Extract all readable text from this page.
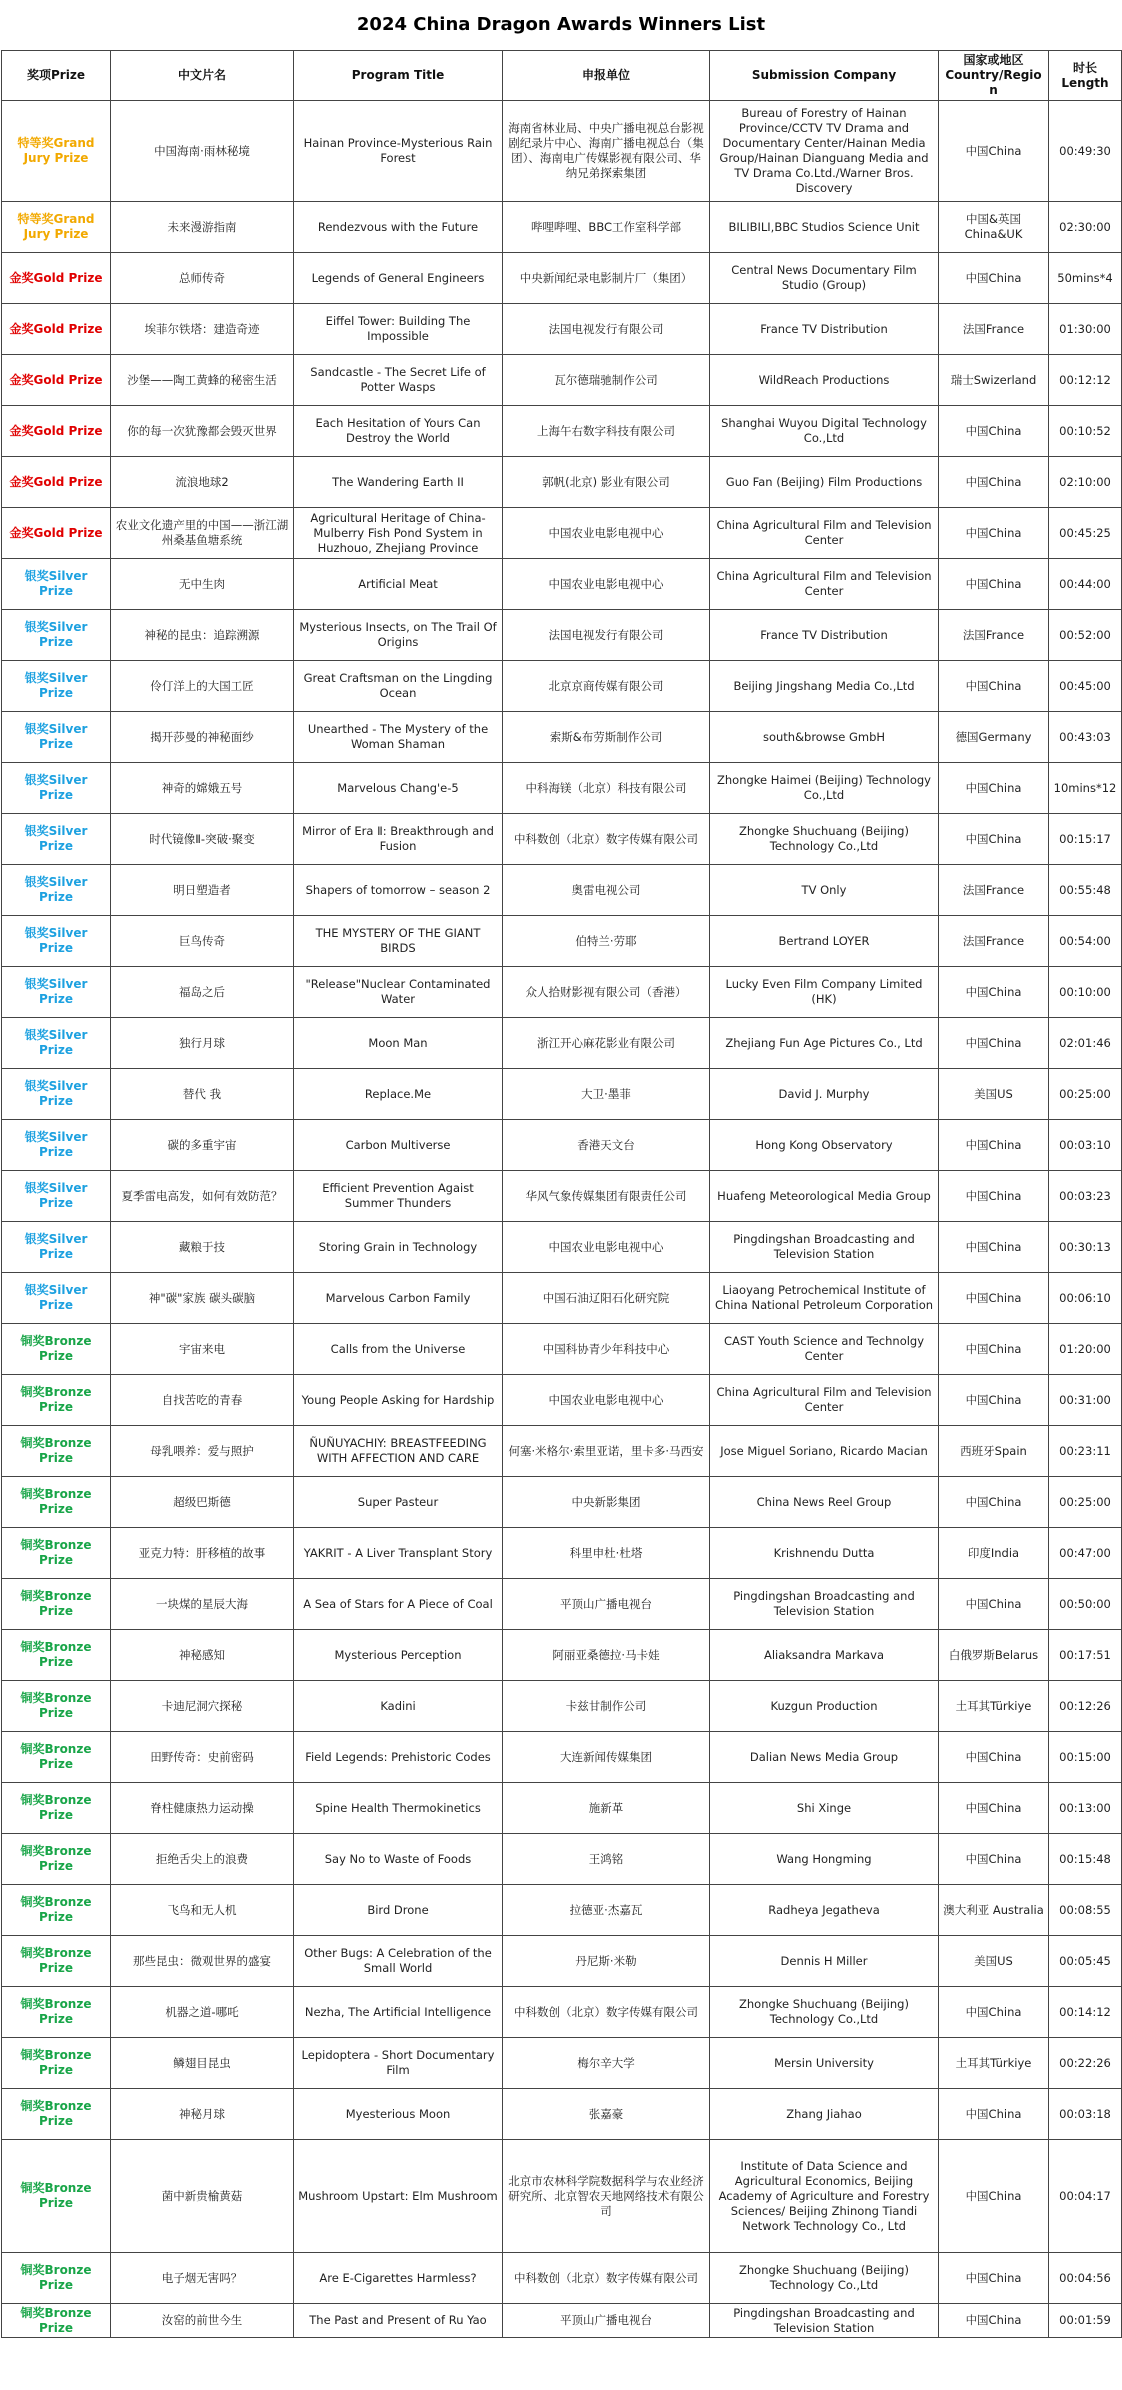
2024 China Dragon Awards Winners List
奖项Prize	中文片名	Program Title	申报单位	Submission Company	国家或地区 Country/Region	时长 Length
特等奖Grand Jury Prize	中国海南·雨林秘境	Hainan Province-Mysterious Rain Forest	海南省林业局、中央广播电视总台影视剧纪录片中心、海南广播电视总台（集团）、海南电广传媒影视有限公司、华纳兄弟探索集团	Bureau of Forestry of Hainan Province/CCTV TV Drama and Documentary Center/Hainan Media Group/Hainan Dianguang Media and TV Drama Co.Ltd./Warner Bros. Discovery	中国China	00:49:30
特等奖Grand Jury Prize	未来漫游指南	Rendezvous with the Future	哔哩哔哩、BBC工作室科学部	BILIBILI,BBC Studios Science Unit	中国&英国 China&UK	02:30:00
金奖Gold Prize	总师传奇	Legends of General Engineers	中央新闻纪录电影制片厂（集团）	Central News Documentary Film Studio (Group)	中国China	50mins*4
金奖Gold Prize	埃菲尔铁塔：建造奇迹	Eiffel Tower: Building The Impossible	法国电视发行有限公司	France TV Distribution	法国France	01:30:00
金奖Gold Prize	沙堡——陶工黄蜂的秘密生活	Sandcastle - The Secret Life of Potter Wasps	瓦尔德瑞驰制作公司	WildReach Productions	瑞士Swizerland	00:12:12
金奖Gold Prize	你的每一次犹豫都会毁灭世界	Each Hesitation of Yours Can Destroy the World	上海午右数字科技有限公司	Shanghai Wuyou Digital Technology Co.,Ltd	中国China	00:10:52
金奖Gold Prize	流浪地球2	The Wandering Earth II	郭帆(北京) 影业有限公司	Guo Fan (Beijing) Film Productions	中国China	02:10:00
金奖Gold Prize	农业文化遗产里的中国——浙江湖州桑基鱼塘系统	Agricultural Heritage of China-Mulberry Fish Pond System in Huzhouo, Zhejiang Province	中国农业电影电视中心	China Agricultural Film and Television Center	中国China	00:45:25
银奖Silver Prize	无中生肉	Artificial Meat	中国农业电影电视中心	China Agricultural Film and Television Center	中国China	00:44:00
银奖Silver Prize	神秘的昆虫：追踪溯源	Mysterious Insects, on The Trail Of Origins	法国电视发行有限公司	France TV Distribution	法国France	00:52:00
银奖Silver Prize	伶仃洋上的大国工匠	Great Craftsman on the Lingding Ocean	北京京商传媒有限公司	Beijing Jingshang Media Co.,Ltd	中国China	00:45:00
银奖Silver Prize	揭开莎曼的神秘面纱	Unearthed - The Mystery of the Woman Shaman	索斯&布劳斯制作公司	south&browse GmbH	德国Germany	00:43:03
银奖Silver Prize	神奇的嫦娥五号	Marvelous Chang'e-5	中科海镁（北京）科技有限公司	Zhongke Haimei (Beijing) Technology Co.,Ltd	中国China	10mins*12
银奖Silver Prize	时代镜像Ⅱ-突破·聚变	Mirror of Era Ⅱ: Breakthrough and Fusion	中科数创（北京）数字传媒有限公司	Zhongke Shuchuang (Beijing) Technology Co.,Ltd	中国China	00:15:17
银奖Silver Prize	明日塑造者	Shapers of tomorrow – season 2	奥雷电视公司	TV Only	法国France	00:55:48
银奖Silver Prize	巨鸟传奇	THE MYSTERY OF THE GIANT BIRDS	伯特兰·劳耶	Bertrand LOYER	法国France	00:54:00
银奖Silver Prize	福岛之后	"Release"Nuclear Contaminated Water	众人拾财影视有限公司（香港）	Lucky Even Film Company Limited (HK)	中国China	00:10:00
银奖Silver Prize	独行月球	Moon Man	浙江开心麻花影业有限公司	Zhejiang Fun Age Pictures Co., Ltd	中国China	02:01:46
银奖Silver Prize	替代 我	Replace.Me	大卫·墨菲	David J. Murphy	美国US	00:25:00
银奖Silver Prize	碳的多重宇宙	Carbon Multiverse	香港天文台	Hong Kong Observatory	中国China	00:03:10
银奖Silver Prize	夏季雷电高发，如何有效防范？	Efficient Prevention Agaist Summer Thunders	华风气象传媒集团有限责任公司	Huafeng Meteorological Media Group	中国China	00:03:23
银奖Silver Prize	藏粮于技	Storing Grain in Technology	中国农业电影电视中心	Pingdingshan Broadcasting and Television Station	中国China	00:30:13
银奖Silver Prize	神"碳"家族 碳头碳脑	Marvelous Carbon Family	中国石油辽阳石化研究院	Liaoyang Petrochemical Institute of China National Petroleum Corporation	中国China	00:06:10
铜奖Bronze Prize	宇宙来电	Calls from the Universe	中国科协青少年科技中心	CAST Youth Science and Technolgy Center	中国China	01:20:00
铜奖Bronze Prize	自找苦吃的青春	Young People Asking for Hardship	中国农业电影电视中心	China Agricultural Film and Television Center	中国China	00:31:00
铜奖Bronze Prize	母乳喂养：爱与照护	ÑUÑUYACHIY: BREASTFEEDING WITH AFFECTION AND CARE	何塞·米格尔·索里亚诺，里卡多·马西安	Jose Miguel Soriano, Ricardo Macian	西班牙Spain	00:23:11
铜奖Bronze Prize	超级巴斯德	Super Pasteur	中央新影集团	China News Reel Group	中国China	00:25:00
铜奖Bronze Prize	亚克力特：肝移植的故事	YAKRIT - A Liver Transplant Story	科里申杜·杜塔	Krishnendu Dutta	印度India	00:47:00
铜奖Bronze Prize	一块煤的星辰大海	A Sea of Stars for A Piece of Coal	平顶山广播电视台	Pingdingshan Broadcasting and Television Station	中国China	00:50:00
铜奖Bronze Prize	神秘感知	Mysterious Perception	阿丽亚桑德拉·马卡娃	Aliaksandra Markava	白俄罗斯Belarus	00:17:51
铜奖Bronze Prize	卡迪尼洞穴探秘	Kadini	卡兹甘制作公司	Kuzgun Production	土耳其Türkiye	00:12:26
铜奖Bronze Prize	田野传奇：史前密码	Field Legends: Prehistoric Codes	大连新闻传媒集团	Dalian News Media Group	中国China	00:15:00
铜奖Bronze Prize	脊柱健康热力运动操	Spine Health Thermokinetics	施新革	Shi Xinge	中国China	00:13:00
铜奖Bronze Prize	拒绝舌尖上的浪费	Say No to Waste of Foods	王鸿铭	Wang Hongming	中国China	00:15:48
铜奖Bronze Prize	飞鸟和无人机	Bird Drone	拉德亚·杰嘉瓦	Radheya Jegatheva	澳大利亚 Australia	00:08:55
铜奖Bronze Prize	那些昆虫：微观世界的盛宴	Other Bugs: A Celebration of the Small World	丹尼斯·米勒	Dennis H Miller	美国US	00:05:45
铜奖Bronze Prize	机器之道-哪吒	Nezha, The Artificial Intelligence	中科数创（北京）数字传媒有限公司	Zhongke Shuchuang (Beijing) Technology Co.,Ltd	中国China	00:14:12
铜奖Bronze Prize	鳞翅目昆虫	Lepidoptera - Short Documentary Film	梅尔辛大学	Mersin University	土耳其Türkiye	00:22:26
铜奖Bronze Prize	神秘月球	Myesterious Moon	张嘉豪	Zhang Jiahao	中国China	00:03:18
铜奖Bronze Prize	菌中新贵榆黄菇	Mushroom Upstart: Elm Mushroom	北京市农林科学院数据科学与农业经济研究所、北京智农天地网络技术有限公司	Institute of Data Science and Agricultural Economics, Beijing Academy of Agriculture and Forestry Sciences/ Beijing Zhinong Tiandi Network Technology Co., Ltd	中国China	00:04:17
铜奖Bronze Prize	电子烟无害吗？	Are E-Cigarettes Harmless?	中科数创（北京）数字传媒有限公司	Zhongke Shuchuang (Beijing) Technology Co.,Ltd	中国China	00:04:56
铜奖Bronze Prize	汝窑的前世今生	The Past and Present of Ru Yao	平顶山广播电视台	Pingdingshan Broadcasting and Television Station	中国China	00:01:59
